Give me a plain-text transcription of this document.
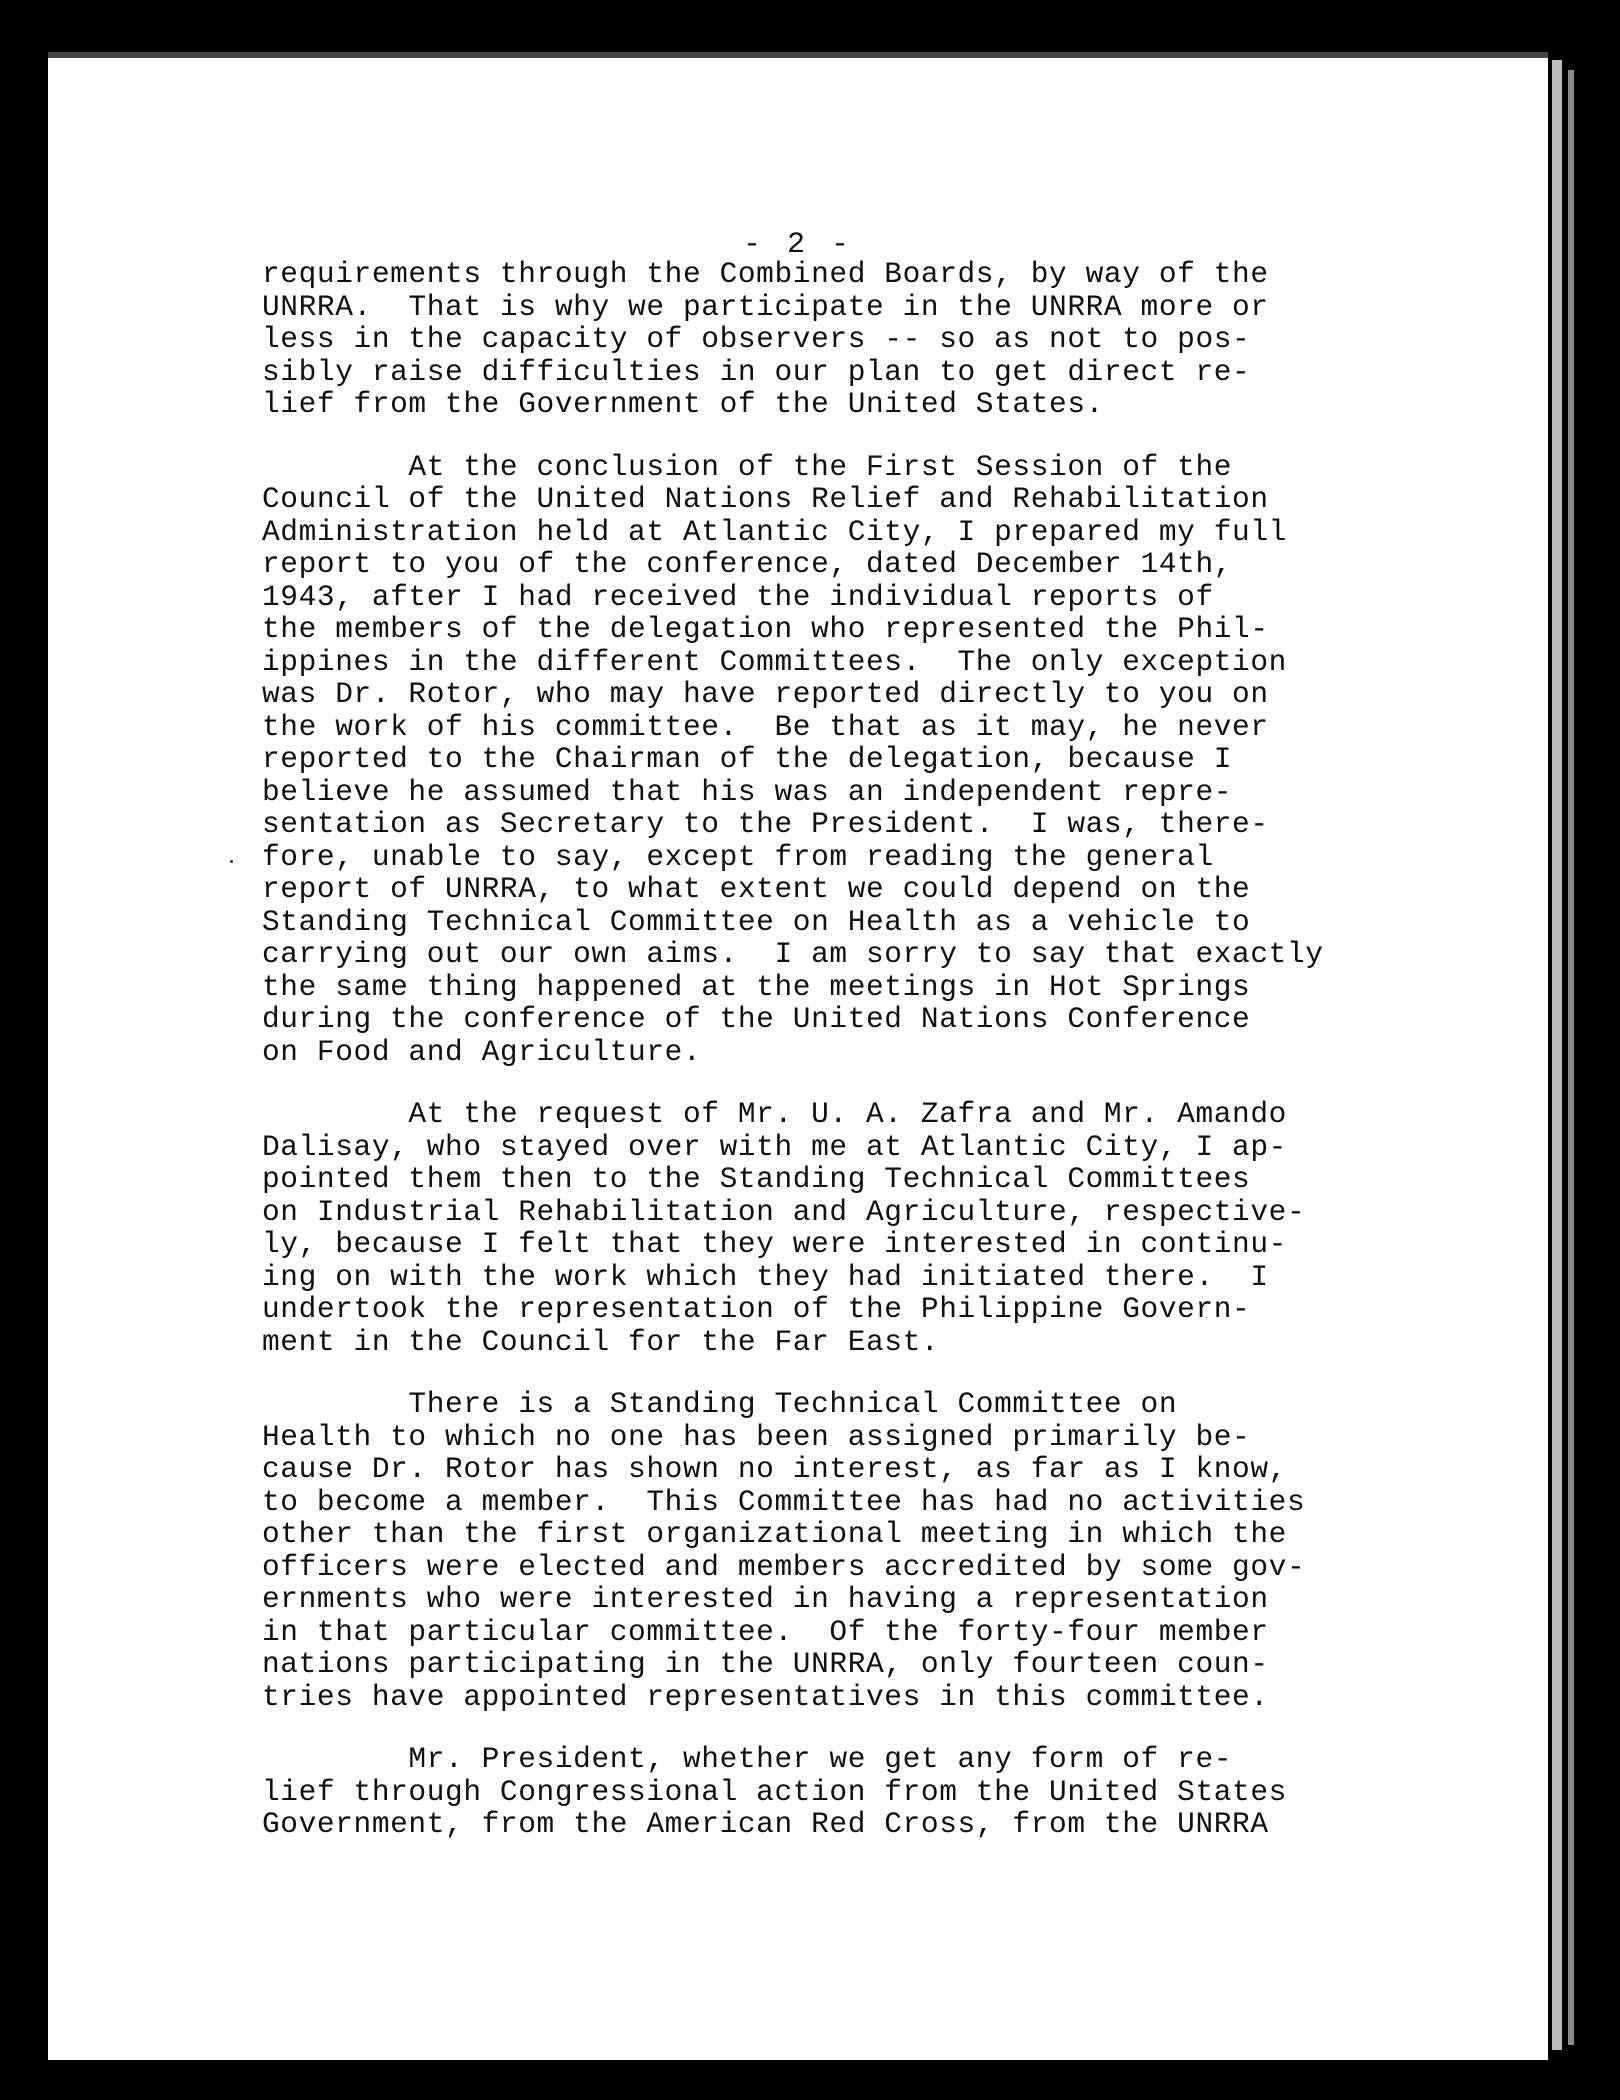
- 2 -
requirements through the Combined Boards, by way of the
UNRRA.  That is why we participate in the UNRRA more or
less in the capacity of observers -- so as not to pos-
sibly raise difficulties in our plan to get direct re-
lief from the Government of the United States.
At the conclusion of the First Session of the
Council of the United Nations Relief and Rehabilitation
Administration held at Atlantic City, I prepared my full
report to you of the conference, dated December 14th,
1943, after I had received the individual reports of
the members of the delegation who represented the Phil-
ippines in the different Committees.  The only exception
was Dr. Rotor, who may have reported directly to you on
the work of his committee.  Be that as it may, he never
reported to the Chairman of the delegation, because I
believe he assumed that his was an independent repre-
sentation as Secretary to the President.  I was, there-
fore, unable to say, except from reading the general
report of UNRRA, to what extent we could depend on the
Standing Technical Committee on Health as a vehicle to
carrying out our own aims.  I am sorry to say that exactly
the same thing happened at the meetings in Hot Springs
during the conference of the United Nations Conference
on Food and Agriculture.
At the request of Mr. U. A. Zafra and Mr. Amando
Dalisay, who stayed over with me at Atlantic City, I ap-
pointed them then to the Standing Technical Committees
on Industrial Rehabilitation and Agriculture, respective-
ly, because I felt that they were interested in continu-
ing on with the work which they had initiated there.  I
undertook the representation of the Philippine Govern-
ment in the Council for the Far East.
There is a Standing Technical Committee on
Health to which no one has been assigned primarily be-
cause Dr. Rotor has shown no interest, as far as I know,
to become a member.  This Committee has had no activities
other than the first organizational meeting in which the
officers were elected and members accredited by some gov-
ernments who were interested in having a representation
in that particular committee.  Of the forty-four member
nations participating in the UNRRA, only fourteen coun-
tries have appointed representatives in this committee.
Mr. President, whether we get any form of re-
lief through Congressional action from the United States
Government, from the American Red Cross, from the UNRRA
